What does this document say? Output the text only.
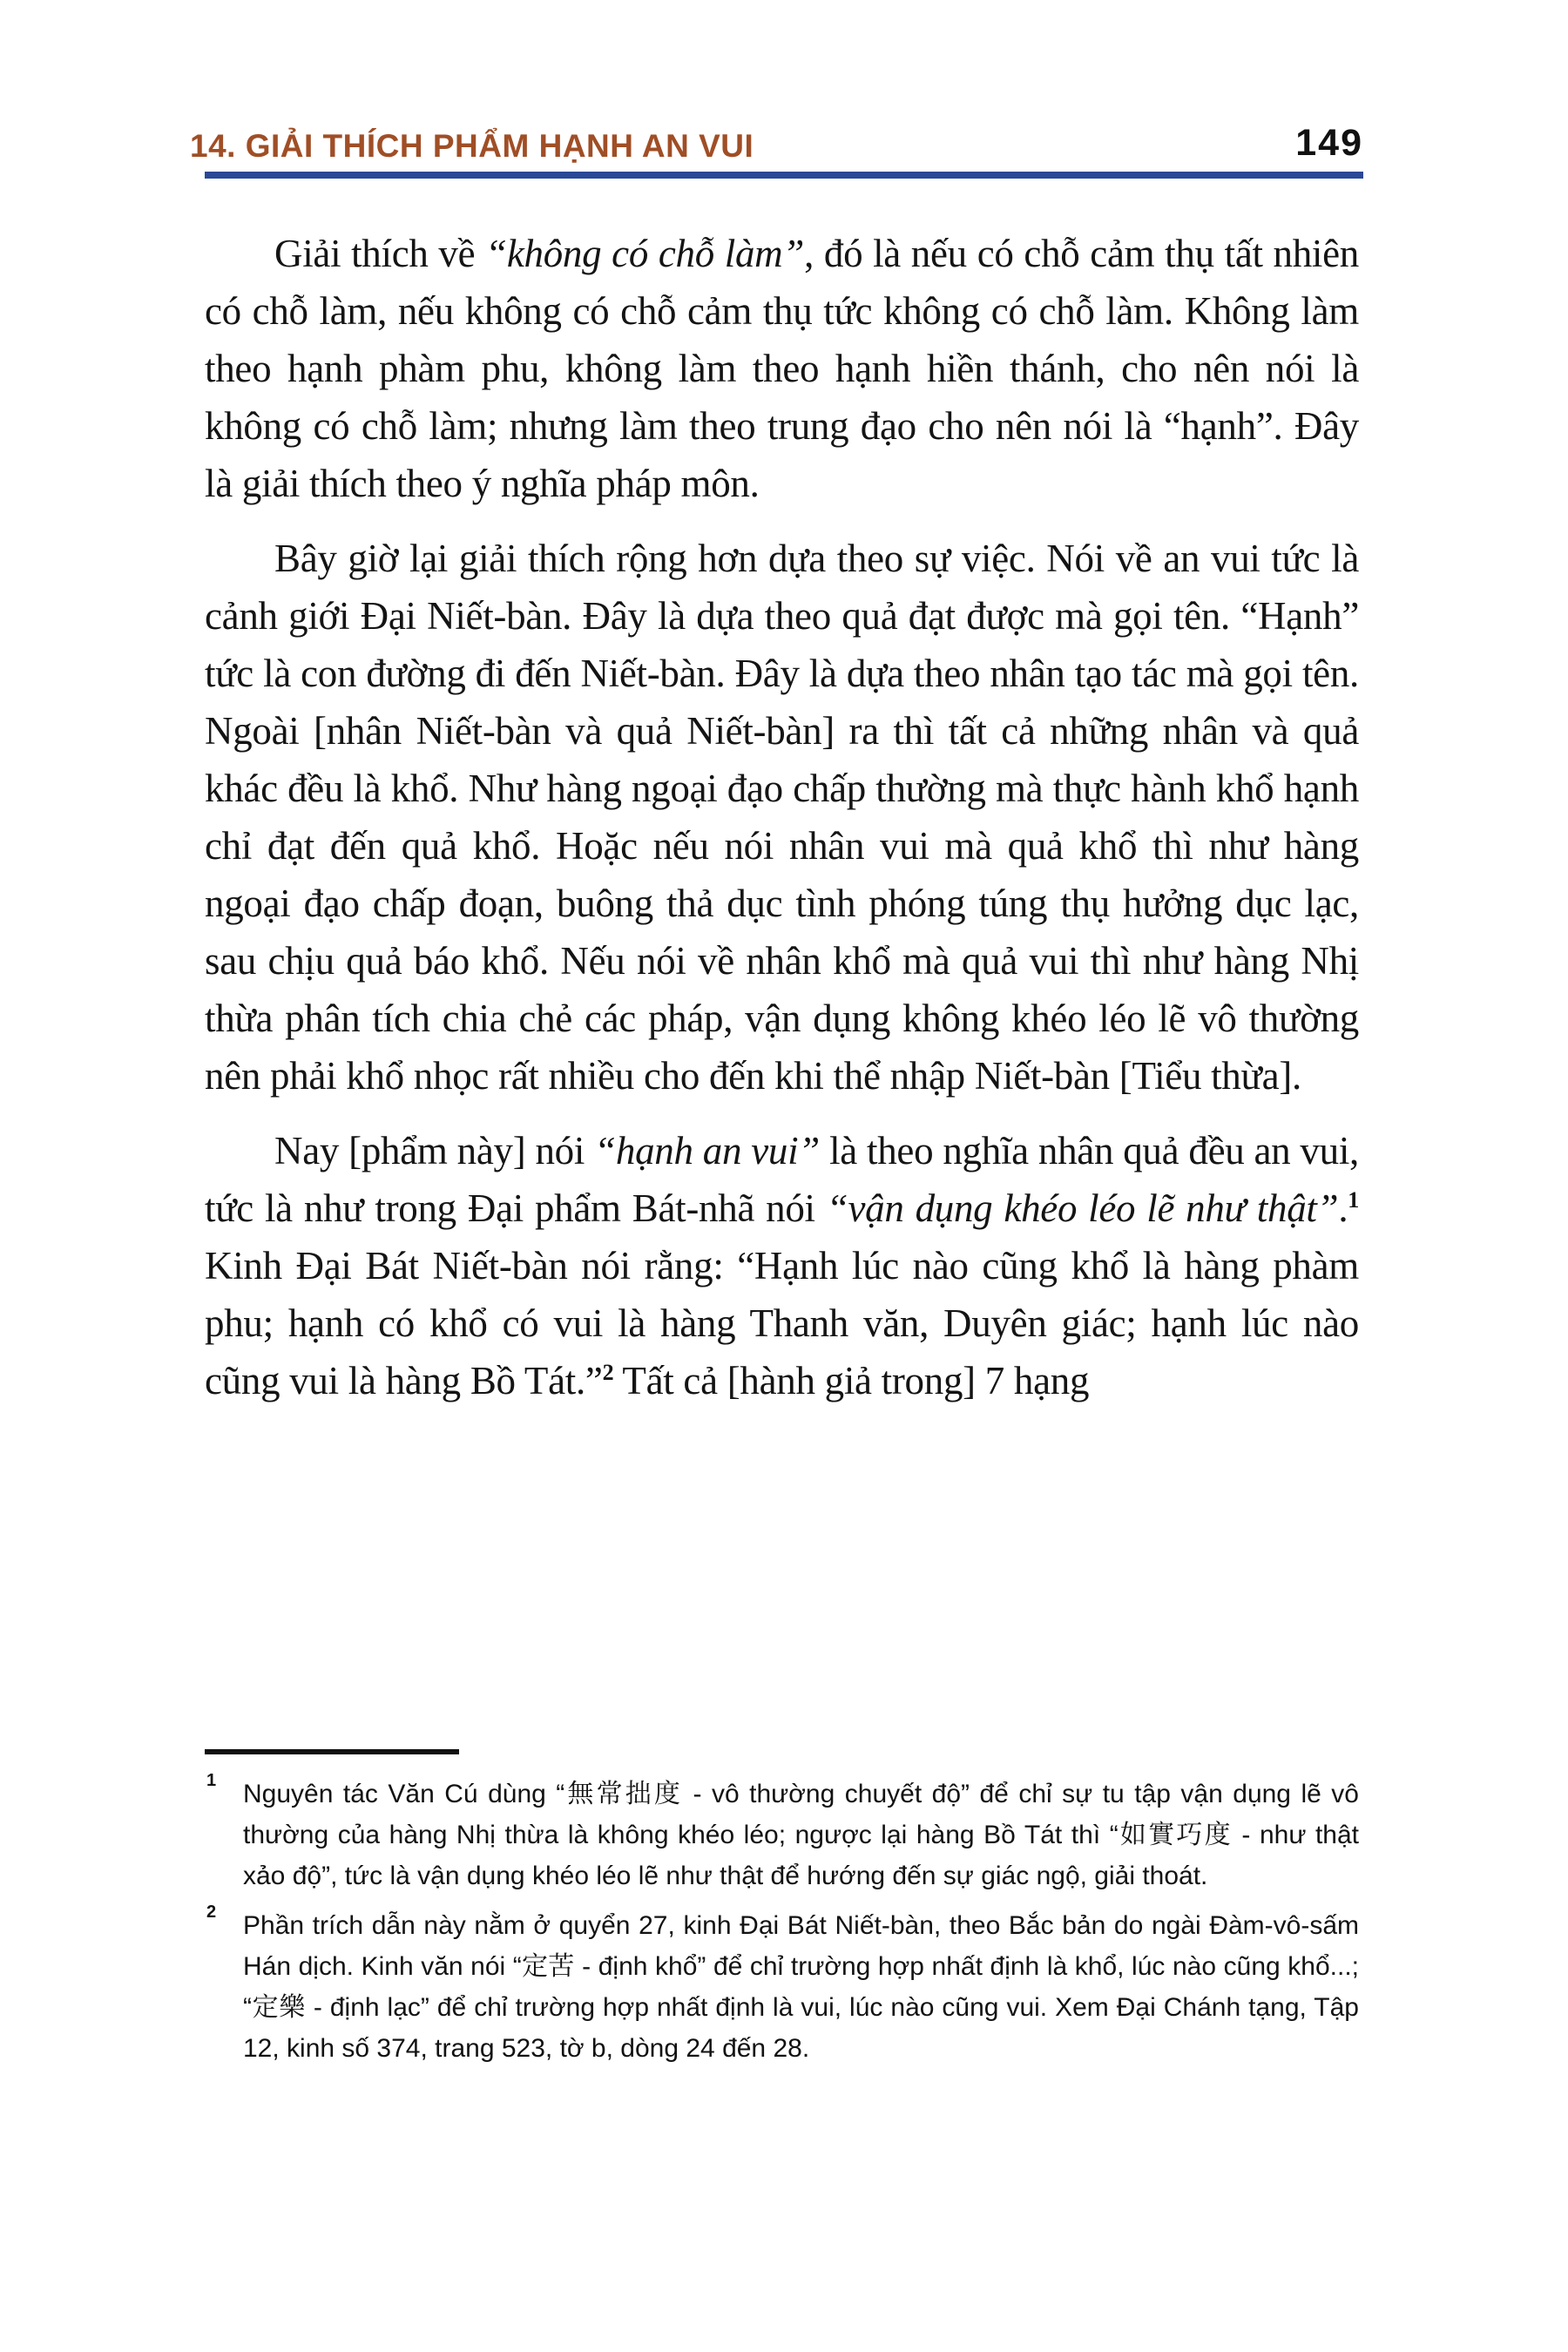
14. GIẢI THÍCH PHẨM HẠNH AN VUI	149

Giải thích về “không có chỗ làm”, đó là nếu có chỗ cảm thụ tất nhiên có chỗ làm, nếu không có chỗ cảm thụ tức không có chỗ làm. Không làm theo hạnh phàm phu, không làm theo hạnh hiền thánh, cho nên nói là không có chỗ làm; nhưng làm theo trung đạo cho nên nói là “hạnh”. Đây là giải thích theo ý nghĩa pháp môn.

Bây giờ lại giải thích rộng hơn dựa theo sự việc. Nói về an vui tức là cảnh giới Đại Niết-bàn. Đây là dựa theo quả đạt được mà gọi tên. “Hạnh” tức là con đường đi đến Niết-bàn. Đây là dựa theo nhân tạo tác mà gọi tên. Ngoài [nhân Niết-bàn và quả Niết-bàn] ra thì tất cả những nhân và quả khác đều là khổ. Như hàng ngoại đạo chấp thường mà thực hành khổ hạnh chỉ đạt đến quả khổ. Hoặc nếu nói nhân vui mà quả khổ thì như hàng ngoại đạo chấp đoạn, buông thả dục tình phóng túng thụ hưởng dục lạc, sau chịu quả báo khổ. Nếu nói về nhân khổ mà quả vui thì như hàng Nhị thừa phân tích chia chẻ các pháp, vận dụng không khéo léo lẽ vô thường nên phải khổ nhọc rất nhiều cho đến khi thể nhập Niết-bàn [Tiểu thừa].

Nay [phẩm này] nói “hạnh an vui” là theo nghĩa nhân quả đều an vui, tức là như trong Đại phẩm Bát-nhã nói “vận dụng khéo léo lẽ như thật”.$^1$ Kinh Đại Bát Niết-bàn nói rằng: “Hạnh lúc nào cũng khổ là hàng phàm phu; hạnh có khổ có vui là hàng Thanh văn, Duyên giác; hạnh lúc nào cũng vui là hàng Bồ Tát.”$^2$ Tất cả [hành giả trong] 7 hạng

1 Nguyên tác Văn Cú dùng “無常拙度 - vô thường chuyết độ” để chỉ sự tu tập vận dụng lẽ vô thường của hàng Nhị thừa là không khéo léo; ngược lại hàng Bồ Tát thì “如實巧度 - như thật xảo độ”, tức là vận dụng khéo léo lẽ như thật để hướng đến sự giác ngộ, giải thoát.
2 Phần trích dẫn này nằm ở quyển 27, kinh Đại Bát Niết-bàn, theo Bắc bản do ngài Đàm-vô-sấm Hán dịch. Kinh văn nói “定苦 - định khổ” để chỉ trường hợp nhất định là khổ, lúc nào cũng khổ...; “定樂 - định lạc” để chỉ trường hợp nhất định là vui, lúc nào cũng vui. Xem Đại Chánh tạng, Tập 12, kinh số 374, trang 523, tờ b, dòng 24 đến 28.
